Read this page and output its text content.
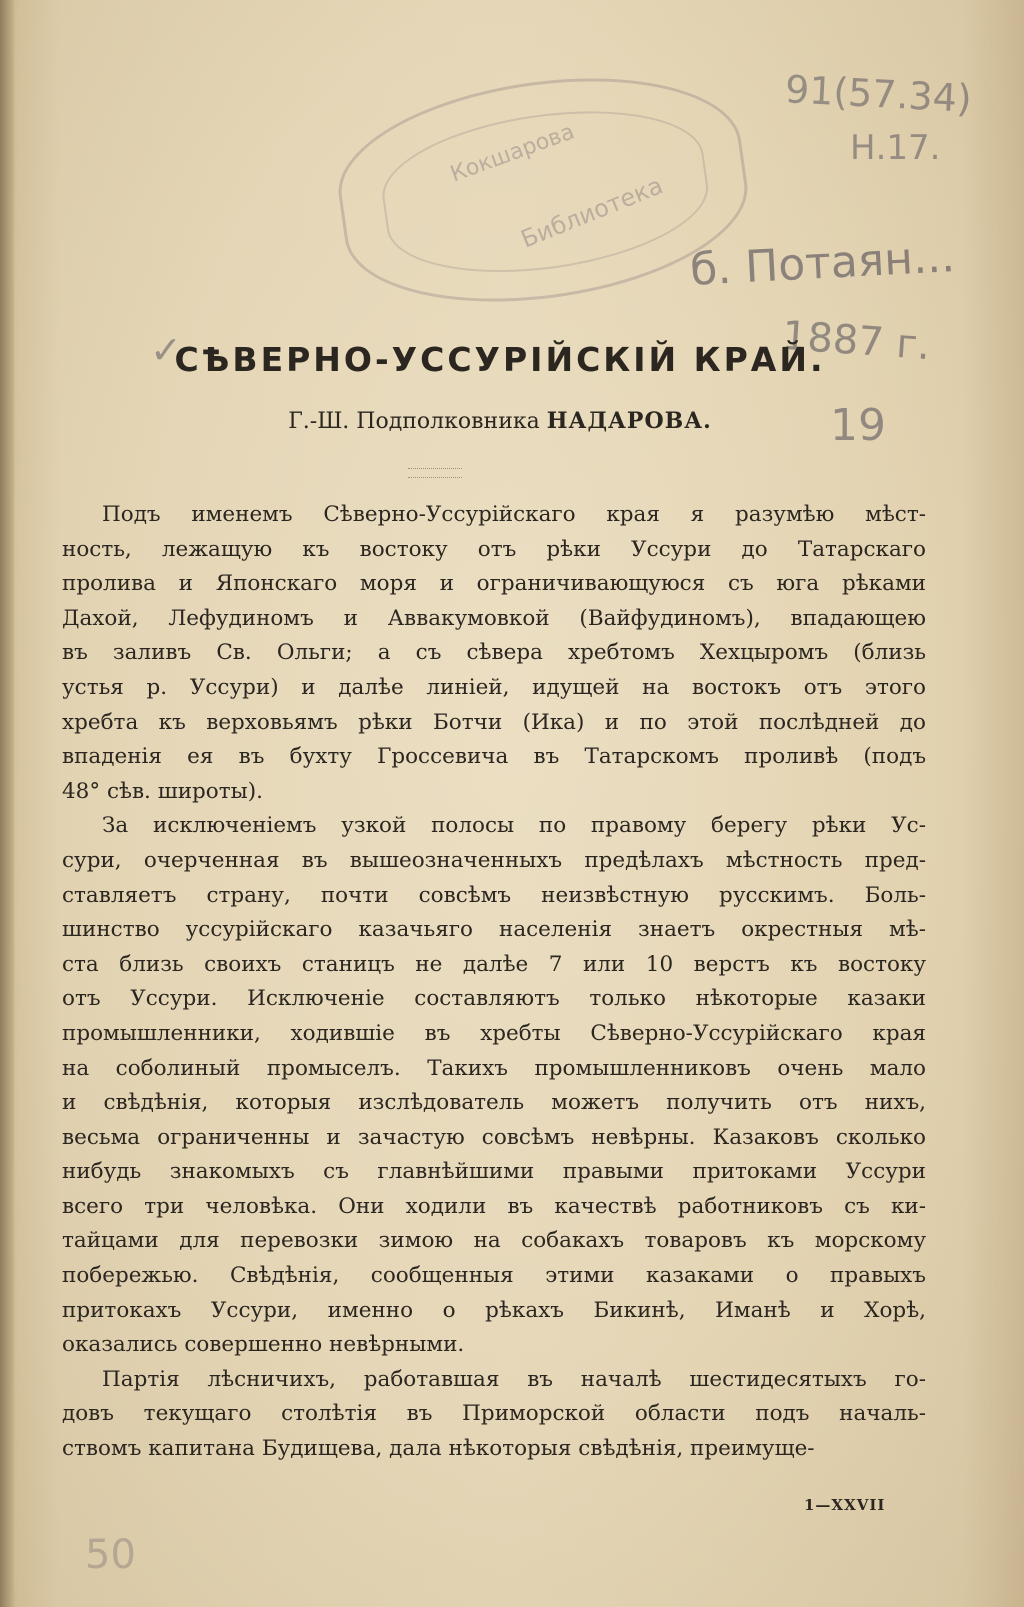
Кокшарова
Библиотека
91(57.34)
Н.17.
б. Потаян...
1887 г.
19
✓
50
СѢВЕРНО-УССУРІЙСКІЙ КРАЙ.
Г.-Ш. Подполковника НАДАРОВА.
Подъ именемъ Сѣверно-Уссурійскаго края я разумѣю мѣст-
ность, лежащую къ востоку отъ рѣки Уссури до Татарскаго
пролива и Японскаго моря и ограничивающуюся съ юга рѣками
Дахой, Лефудиномъ и Аввакумовкой (Вайфудиномъ), впадающею
въ заливъ Св. Ольги; а съ сѣвера хребтомъ Хехцыромъ (близь
устья р. Уссури) и далѣе линіей, идущей на востокъ отъ этого
хребта къ верховьямъ рѣки Ботчи (Ика) и по этой послѣдней до
впаденія ея въ бухту Гроссевича въ Татарскомъ проливѣ (подъ
48° сѣв. широты).
За исключеніемъ узкой полосы по правому берегу рѣки Ус-
сури, очерченная въ вышеозначенныхъ предѣлахъ мѣстность пред-
ставляетъ страну, почти совсѣмъ неизвѣстную русскимъ. Боль-
шинство уссурійскаго казачьяго населенія знаетъ окрестныя мѣ-
ста близь своихъ станицъ не далѣе 7 или 10 верстъ къ востоку
отъ Уссури. Исключеніе составляютъ только нѣкоторые казаки
промышленники, ходившіе въ хребты Сѣверно-Уссурійскаго края
на соболиный промыселъ. Такихъ промышленниковъ очень мало
и свѣдѣнія, которыя изслѣдователь можетъ получить отъ нихъ,
весьма ограниченны и зачастую совсѣмъ невѣрны. Казаковъ сколько
нибудь знакомыхъ съ главнѣйшими правыми притоками Уссури
всего три человѣка. Они ходили въ качествѣ работниковъ съ ки-
тайцами для перевозки зимою на собакахъ товаровъ къ морскому
побережью. Свѣдѣнія, сообщенныя этими казаками о правыхъ
притокахъ Уссури, именно о рѣкахъ Бикинѣ, Иманѣ и Хорѣ,
оказались совершенно невѣрными.
Партія лѣсничихъ, работавшая въ началѣ шестидесятыхъ го-
довъ текущаго столѣтія въ Приморской области подъ началь-
ствомъ капитана Будищева, дала нѣкоторыя свѣдѣнія, преимуще-
1—XXVII
